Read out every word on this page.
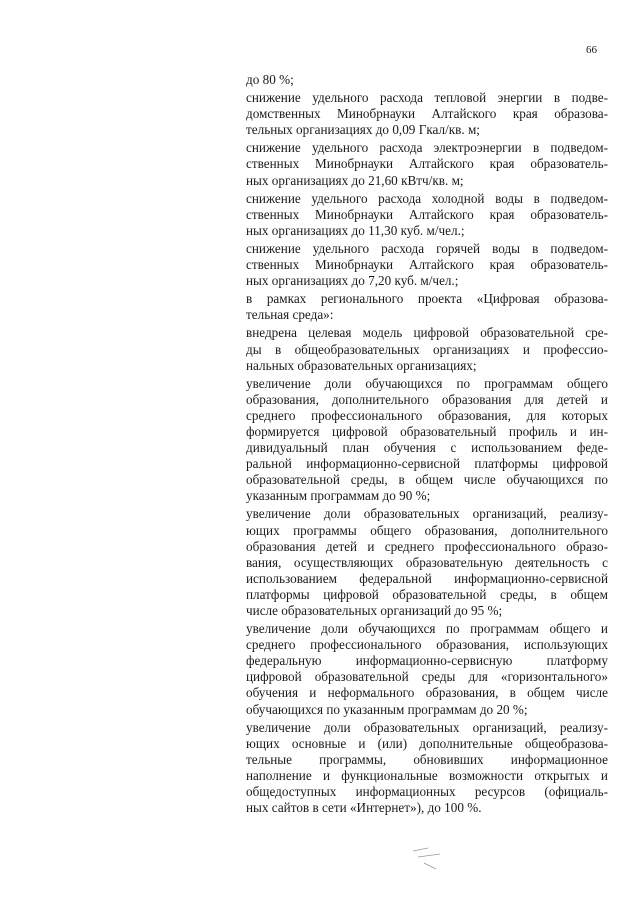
66
до 80 %;
снижение удельного расхода тепловой энергии в подве-
домственных Минобрнауки Алтайского края образова-
тельных организациях до 0,09 Гкал/кв. м;
снижение удельного расхода электроэнергии в подведом-
ственных Минобрнауки Алтайского края образователь-
ных организациях до 21,60 кВтч/кв. м;
снижение удельного расхода холодной воды в подведом-
ственных Минобрнауки Алтайского края образователь-
ных организациях до 11,30 куб. м/чел.;
снижение удельного расхода горячей воды в подведом-
ственных Минобрнауки Алтайского края образователь-
ных организациях до 7,20 куб. м/чел.;
в рамках регионального проекта «Цифровая образова-
тельная среда»:
внедрена целевая модель цифровой образовательной сре-
ды в общеобразовательных организациях и профессио-
нальных образовательных организациях;
увеличение доли обучающихся по программам общего
образования, дополнительного образования для детей и
среднего профессионального образования, для которых
формируется цифровой образовательный профиль и ин-
дивидуальный план обучения с использованием феде-
ральной информационно-сервисной платформы цифровой
образовательной среды, в общем числе обучающихся по
указанным программам до 90 %;
увеличение доли образовательных организаций, реализу-
ющих программы общего образования, дополнительного
образования детей и среднего профессионального образо-
вания, осуществляющих образовательную деятельность с
использованием федеральной информационно-сервисной
платформы цифровой образовательной среды, в общем
числе образовательных организаций до 95 %;
увеличение доли обучающихся по программам общего и
среднего профессионального образования, использующих
федеральную информационно-сервисную платформу
цифровой образовательной среды для «горизонтального»
обучения и неформального образования, в общем числе
обучающихся по указанным программам до 20 %;
увеличение доли образовательных организаций, реализу-
ющих основные и (или) дополнительные общеобразова-
тельные программы, обновивших информационное
наполнение и функциональные возможности открытых и
общедоступных информационных ресурсов (официаль-
ных сайтов в сети «Интернет»), до 100 %.
